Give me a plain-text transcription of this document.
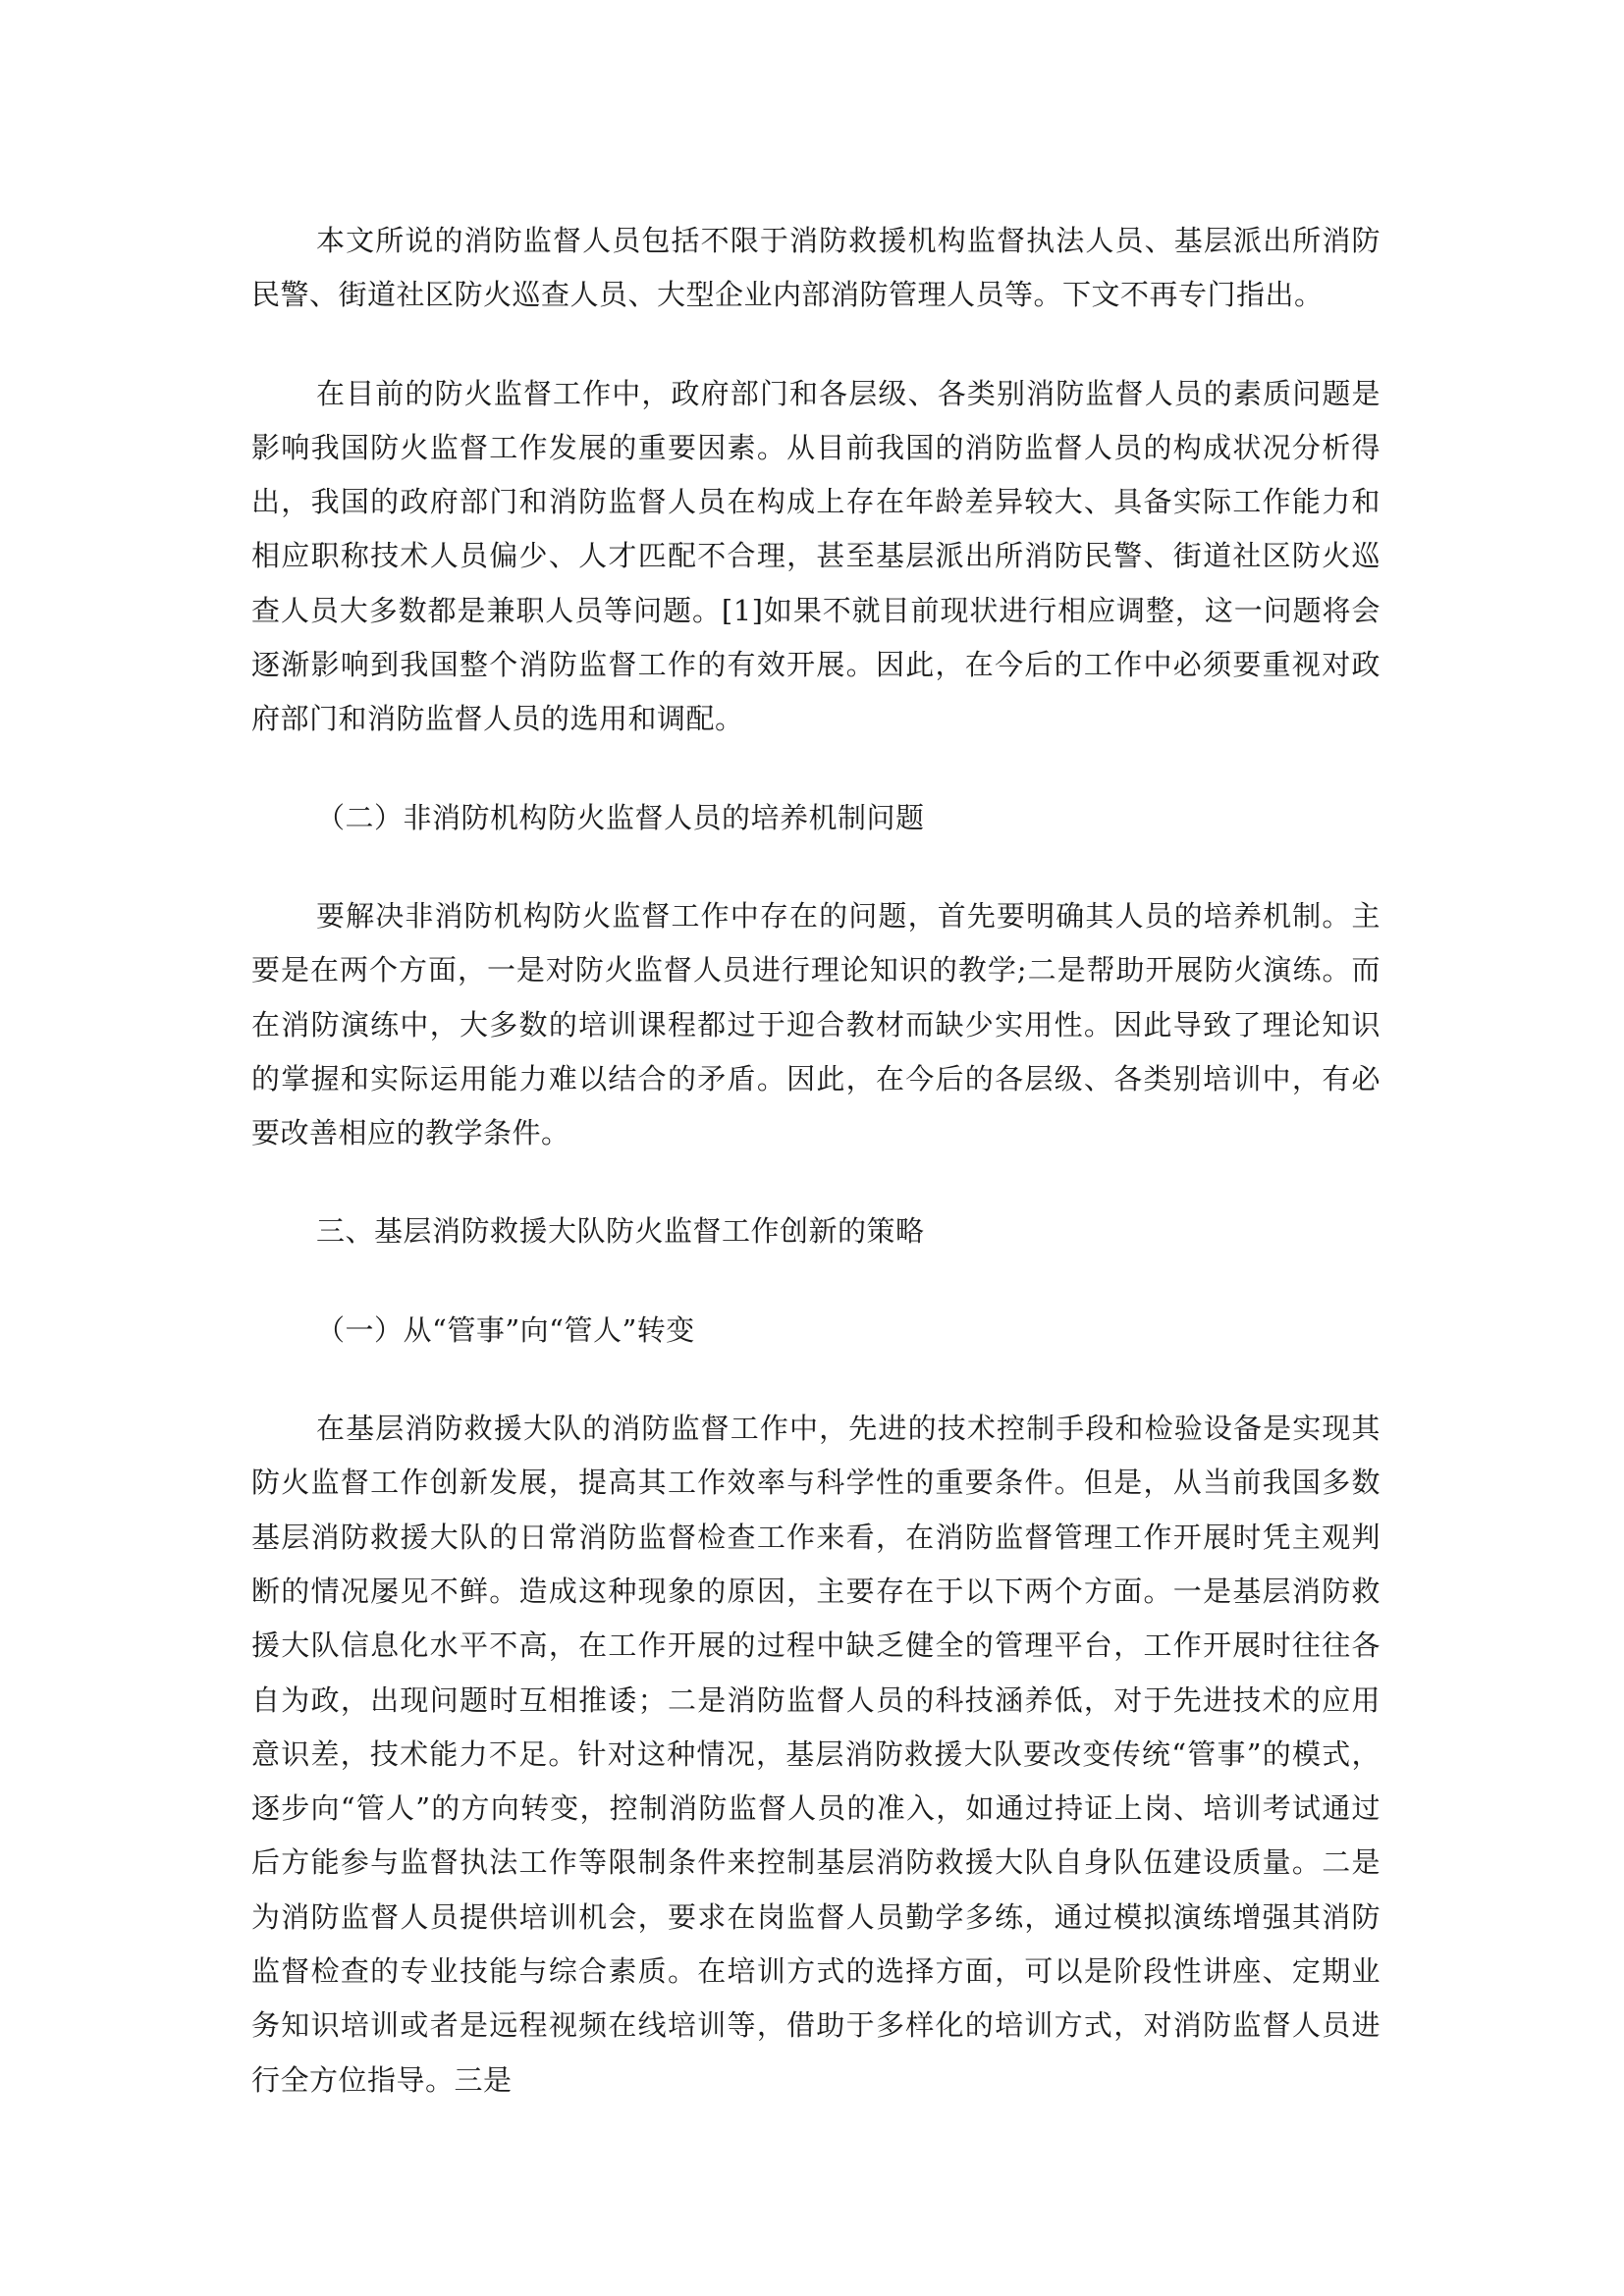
本文所说的消防监督人员包括不限于消防救援机构监督执法人员、基层派出所消防民警、街道社区防火巡查人员、大型企业内部消防管理人员等。下文不再专门指出。

在目前的防火监督工作中，政府部门和各层级、各类别消防监督人员的素质问题是影响我国防火监督工作发展的重要因素。从目前我国的消防监督人员的构成状况分析得出，我国的政府部门和消防监督人员在构成上存在年龄差异较大、具备实际工作能力和相应职称技术人员偏少、人才匹配不合理，甚至基层派出所消防民警、街道社区防火巡查人员大多数都是兼职人员等问题。[1]如果不就目前现状进行相应调整，这一问题将会逐渐影响到我国整个消防监督工作的有效开展。因此，在今后的工作中必须要重视对政府部门和消防监督人员的选用和调配。

（二）非消防机构防火监督人员的培养机制问题

要解决非消防机构防火监督工作中存在的问题，首先要明确其人员的培养机制。主要是在两个方面，一是对防火监督人员进行理论知识的教学;二是帮助开展防火演练。而在消防演练中，大多数的培训课程都过于迎合教材而缺少实用性。因此导致了理论知识的掌握和实际运用能力难以结合的矛盾。因此，在今后的各层级、各类别培训中，有必要改善相应的教学条件。

三、基层消防救援大队防火监督工作创新的策略

（一）从“管事”向“管人”转变

在基层消防救援大队的消防监督工作中，先进的技术控制手段和检验设备是实现其防火监督工作创新发展，提高其工作效率与科学性的重要条件。但是，从当前我国多数基层消防救援大队的日常消防监督检查工作来看，在消防监督管理工作开展时凭主观判断的情况屡见不鲜。造成这种现象的原因，主要存在于以下两个方面。一是基层消防救援大队信息化水平不高，在工作开展的过程中缺乏健全的管理平台，工作开展时往往各自为政，出现问题时互相推诿；二是消防监督人员的科技涵养低，对于先进技术的应用意识差，技术能力不足。针对这种情况，基层消防救援大队要改变传统“管事”的模式，逐步向“管人”的方向转变，控制消防监督人员的准入，如通过持证上岗、培训考试通过后方能参与监督执法工作等限制条件来控制基层消防救援大队自身队伍建设质量。二是为消防监督人员提供培训机会，要求在岗监督人员勤学多练，通过模拟演练增强其消防监督检查的专业技能与综合素质。在培训方式的选择方面，可以是阶段性讲座、定期业务知识培训或者是远程视频在线培训等，借助于多样化的培训方式，对消防监督人员进行全方位指导。三是
